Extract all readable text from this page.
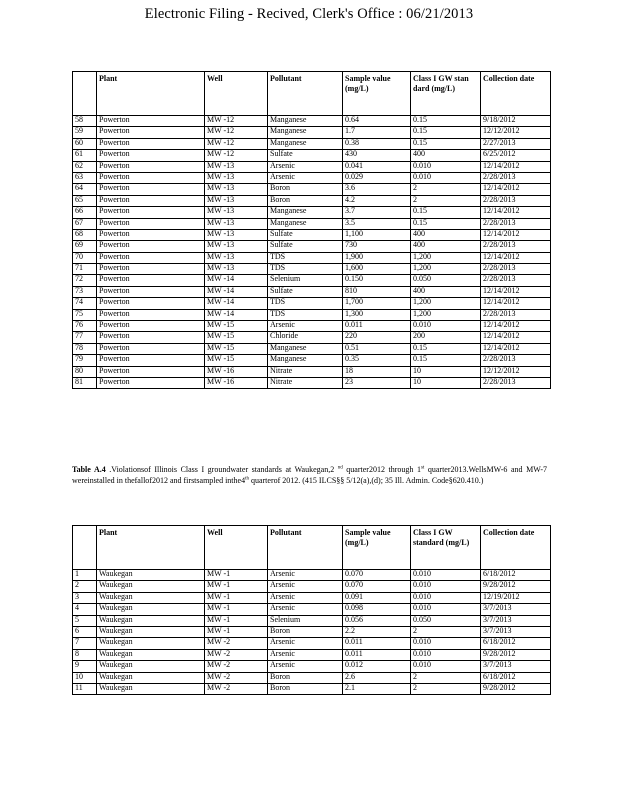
Electronic Filing - Recived, Clerk's Office : 06/21/2013
	Plant	Well	Pollutant	Sample value (mg/L)	Class I GW stan dard (mg/L)	Collection date
58	Powerton	MW -12	Manganese	0.64	0.15	9/18/2012
59	Powerton	MW -12	Manganese	1.7	0.15	12/12/2012
60	Powerton	MW -12	Manganese	0.38	0.15	2/27/2013
61	Powerton	MW -12	Sulfate	430	400	6/25/2012
62	Powerton	MW -13	Arsenic	0.041	0.010	12/14/2012
63	Powerton	MW -13	Arsenic	0.029	0.010	2/28/2013
64	Powerton	MW -13	Boron	3.6	2	12/14/2012
65	Powerton	MW -13	Boron	4.2	2	2/28/2013
66	Powerton	MW -13	Manganese	3.7	0.15	12/14/2012
67	Powerton	MW -13	Manganese	3.5	0.15	2/28/2013
68	Powerton	MW -13	Sulfate	1,100	400	12/14/2012
69	Powerton	MW -13	Sulfate	730	400	2/28/2013
70	Powerton	MW -13	TDS	1,900	1,200	12/14/2012
71	Powerton	MW -13	TDS	1,600	1,200	2/28/2013
72	Powerton	MW -14	Selenium	0.150	0.050	2/28/2013
73	Powerton	MW -14	Sulfate	810	400	12/14/2012
74	Powerton	MW -14	TDS	1,700	1,200	12/14/2012
75	Powerton	MW -14	TDS	1,300	1,200	2/28/2013
76	Powerton	MW -15	Arsenic	0.011	0.010	12/14/2012
77	Powerton	MW -15	Chloride	220	200	12/14/2012
78	Powerton	MW -15	Manganese	0.51	0.15	12/14/2012
79	Powerton	MW -15	Manganese	0.35	0.15	2/28/2013
80	Powerton	MW -16	Nitrate	18	10	12/12/2012
81	Powerton	MW -16	Nitrate	23	10	2/28/2013
Table A.4 .Violationsof Illinois Class I groundwater standards at Waukegan,2 $^{nd}$ quarter2012 through 1st quarter2013.WellsMW-6 and MW-7 wereinstalled in thefallof2012 and firstsampled inthe4th quarterof 2012. (415 ILCS§§ 5/12(a),(d); 35 Ill. Admin. Code§620.410.)
	Plant	Well	Pollutant	Sample value (mg/L)	Class I GW standard (mg/L)	Collection date
1	Waukegan	MW -1	Arsenic	0.070	0.010	6/18/2012
2	Waukegan	MW -1	Arsenic	0.070	0.010	9/28/2012
3	Waukegan	MW -1	Arsenic	0.091	0.010	12/19/2012
4	Waukegan	MW -1	Arsenic	0.098	0.010	3/7/2013
5	Waukegan	MW -1	Selenium	0.056	0.050	3/7/2013
6	Waukegan	MW -1	Boron	2.2	2	3/7/2013
7	Waukegan	MW -2	Arsenic	0.011	0.010	6/18/2012
8	Waukegan	MW -2	Arsenic	0.011	0.010	9/28/2012
9	Waukegan	MW -2	Arsenic	0.012	0.010	3/7/2013
10	Waukegan	MW -2	Boron	2.6	2	6/18/2012
11	Waukegan	MW -2	Boron	2.1	2	9/28/2012
